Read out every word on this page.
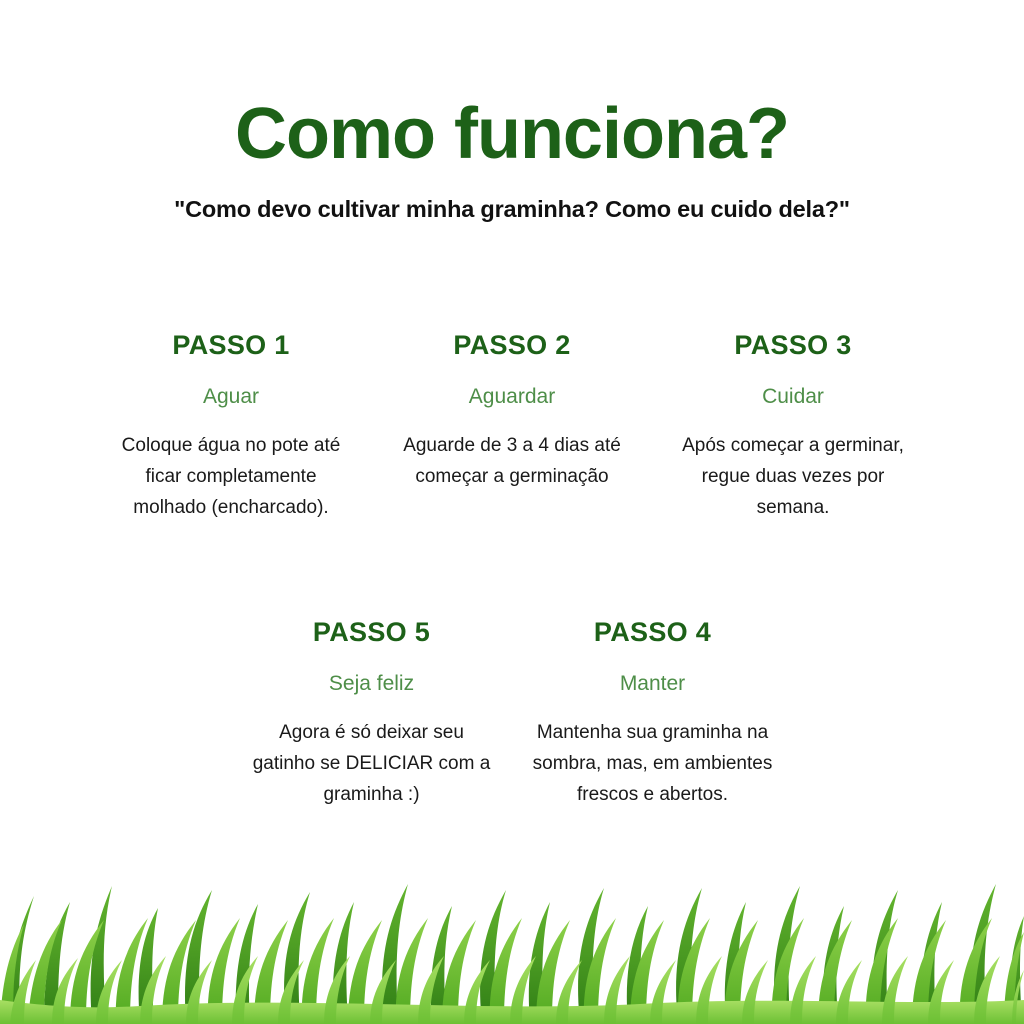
Como funciona?
"Como devo cultivar minha graminha? Como eu cuido dela?"
PASSO 1
Aguar
Coloque água no pote até ficar completamente molhado (encharcado).
PASSO 2
Aguardar
Aguarde de 3 a 4 dias até começar a germinação
PASSO 3
Cuidar
Após começar a germinar, regue duas vezes por semana.
PASSO 5
Seja feliz
Agora é só deixar seu gatinho se DELICIAR com a graminha :)
PASSO 4
Manter
Mantenha sua graminha na sombra, mas, em ambientes frescos e abertos.
